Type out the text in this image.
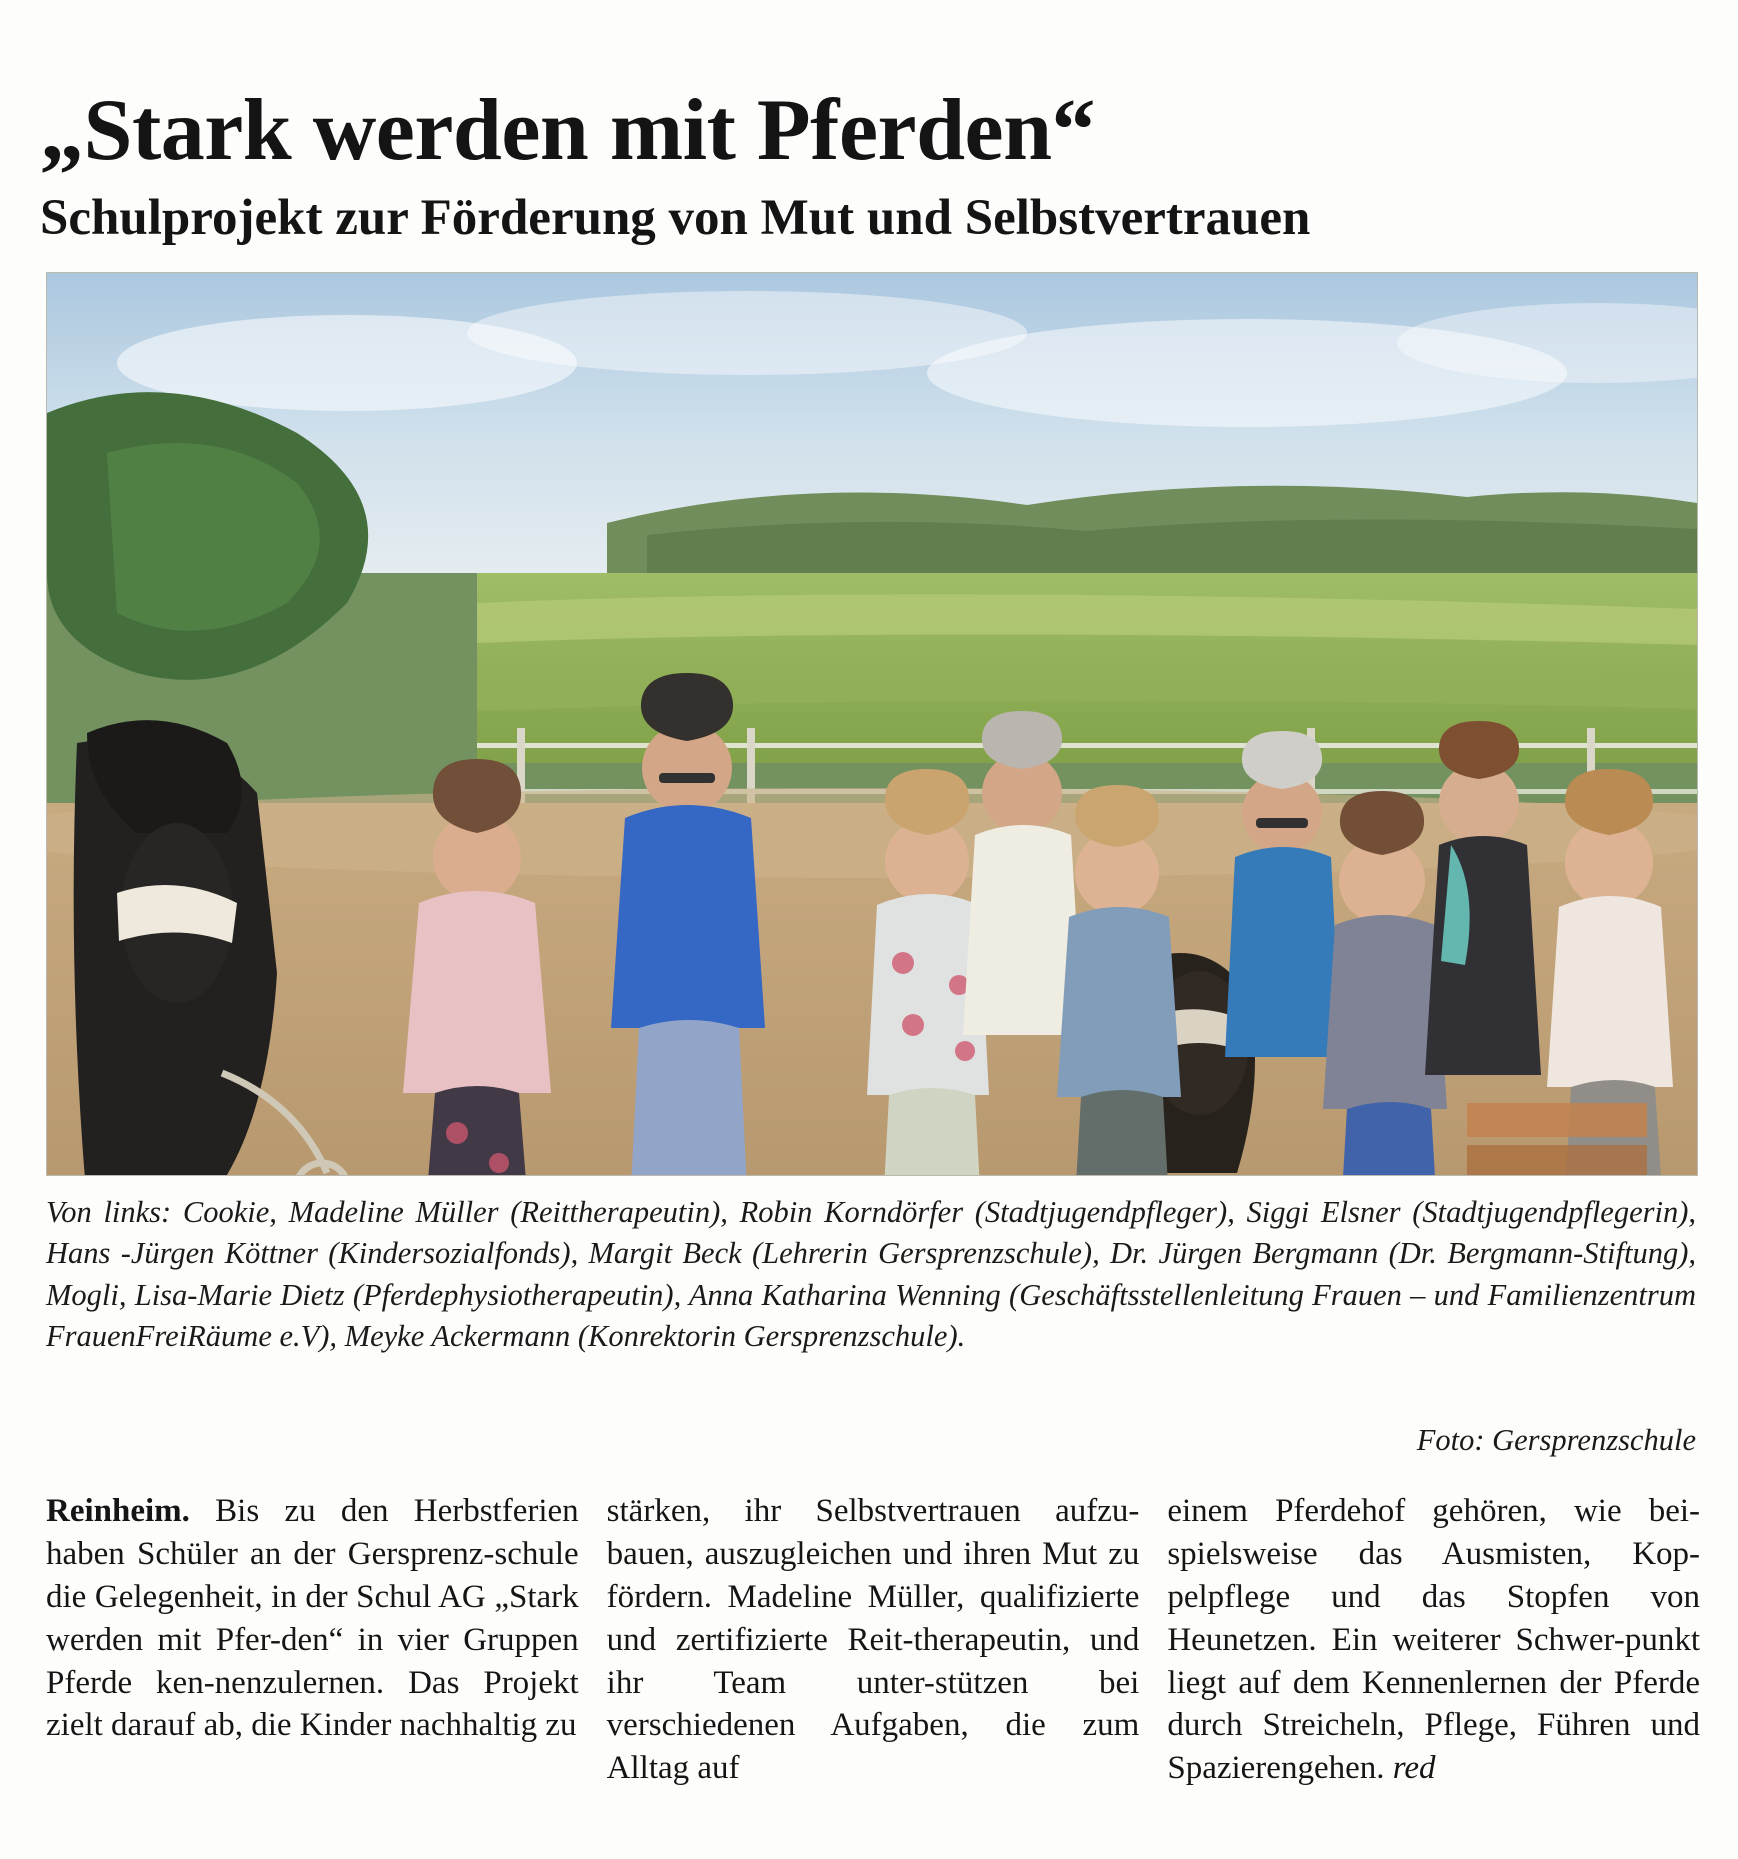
„Stark werden mit Pferden“
Schulprojekt zur Förderung von Mut und Selbstvertrauen
Von links: Cookie, Madeline Müller (Reittherapeutin), Robin Korndörfer (Stadtjugendpfleger), Siggi Elsner (Stadtjugendpflegerin), Hans -Jürgen Köttner (Kindersozialfonds), Margit Beck (Lehrerin Gersprenzschule), Dr. Jürgen Bergmann (Dr. Bergmann-Stiftung), Mogli, Lisa-Marie Dietz (Pferdephysiotherapeutin), Anna Katharina Wenning (Geschäftsstellenleitung Frauen – und Familienzentrum FrauenFreiRäume e.V), Meyke Ackermann (Konrektorin Gersprenzschule).
Foto: Gersprenzschule
Reinheim. Bis zu den Herbstferien haben Schüler an der Gersprenz-schule die Gelegenheit, in der Schul AG „Stark werden mit Pfer-den“ in vier Gruppen Pferde ken-nenzulernen. Das Projekt zielt darauf ab, die Kinder nachhaltig zu
stärken, ihr Selbstvertrauen aufzu-bauen, auszugleichen und ihren Mut zu fördern. Madeline Müller, qualifizierte und zertifizierte Reit-therapeutin, und ihr Team unter-stützen bei verschiedenen Aufgaben, die zum Alltag auf
einem Pferdehof gehören, wie bei-spielsweise das Ausmisten, Kop-pelpflege und das Stopfen von Heunetzen. Ein weiterer Schwer-punkt liegt auf dem Kennenlernen der Pferde durch Streicheln, Pflege, Führen und Spazierengehen. red
